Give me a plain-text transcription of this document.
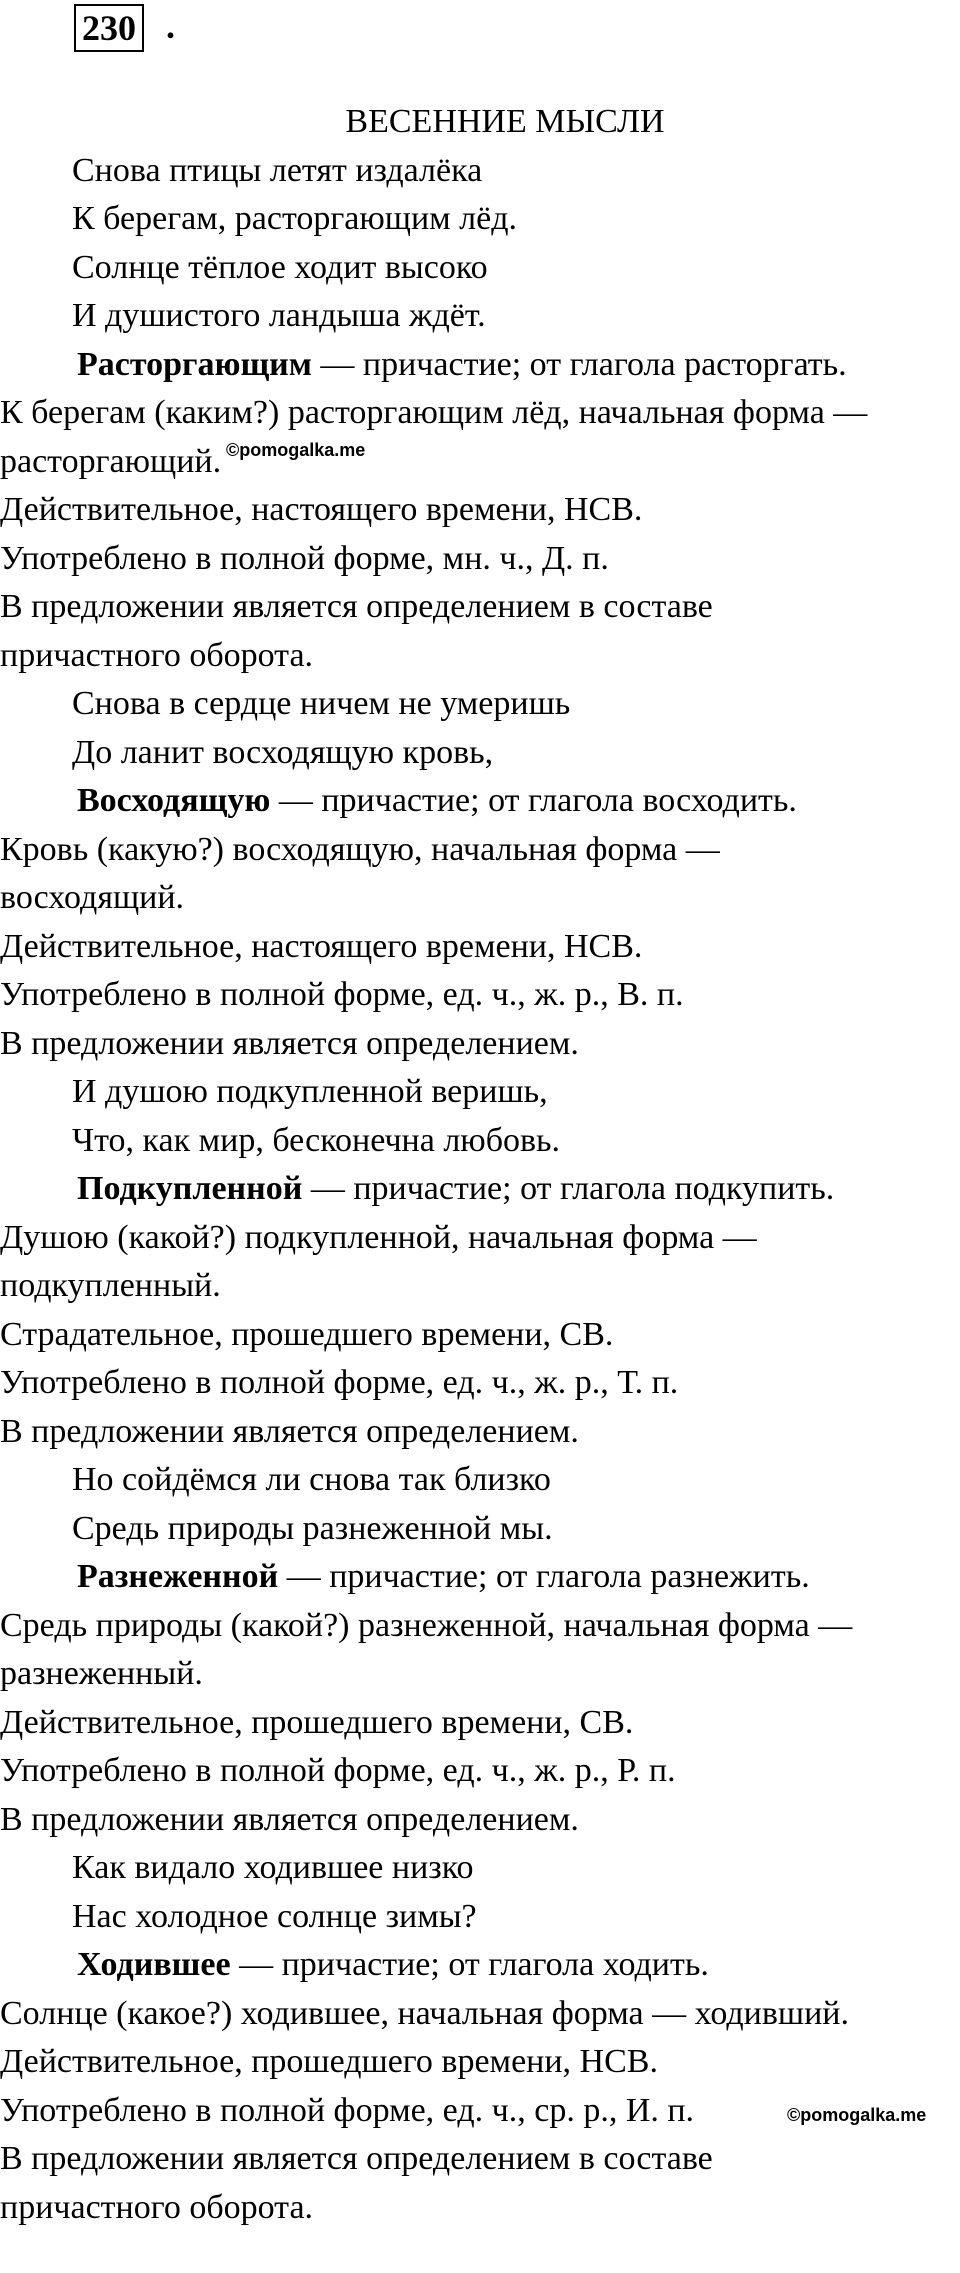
230 .
ВЕСЕННИЕ МЫСЛИ
Снова птицы летят издалёка
К берегам, расторгающим лёд.
Солнце тёплое ходит высоко
И душистого ландыша ждёт.
Расторгающим — причастие; от глагола расторгать.
К берегам (каким?) расторгающим лёд, начальная форма —
расторгающий.
Действительное, настоящего времени, НСВ.
Употреблено в полной форме, мн. ч., Д. п.
В предложении является определением в составе
причастного оборота.
Снова в сердце ничем не умеришь
До ланит восходящую кровь,
Восходящую — причастие; от глагола восходить.
Кровь (какую?) восходящую, начальная форма —
восходящий.
Действительное, настоящего времени, НСВ.
Употреблено в полной форме, ед. ч., ж. р., В. п.
В предложении является определением.
И душою подкупленной веришь,
Что, как мир, бесконечна любовь.
Подкупленной — причастие; от глагола подкупить.
Душою (какой?) подкупленной, начальная форма —
подкупленный.
Страдательное, прошедшего времени, СВ.
Употреблено в полной форме, ед. ч., ж. р., Т. п.
В предложении является определением.
Но сойдёмся ли снова так близко
Средь природы разнеженной мы.
Разнеженной — причастие; от глагола разнежить.
Средь природы (какой?) разнеженной, начальная форма —
разнеженный.
Действительное, прошедшего времени, СВ.
Употреблено в полной форме, ед. ч., ж. р., Р. п.
В предложении является определением.
Как видало ходившее низко
Нас холодное солнце зимы?
Ходившее — причастие; от глагола ходить.
Солнце (какое?) ходившее, начальная форма — ходивший.
Действительное, прошедшего времени, НСВ.
Употреблено в полной форме, ед. ч., ср. р., И. п.
В предложении является определением в составе
причастного оборота.
©pomogalka.me
©pomogalka.me
